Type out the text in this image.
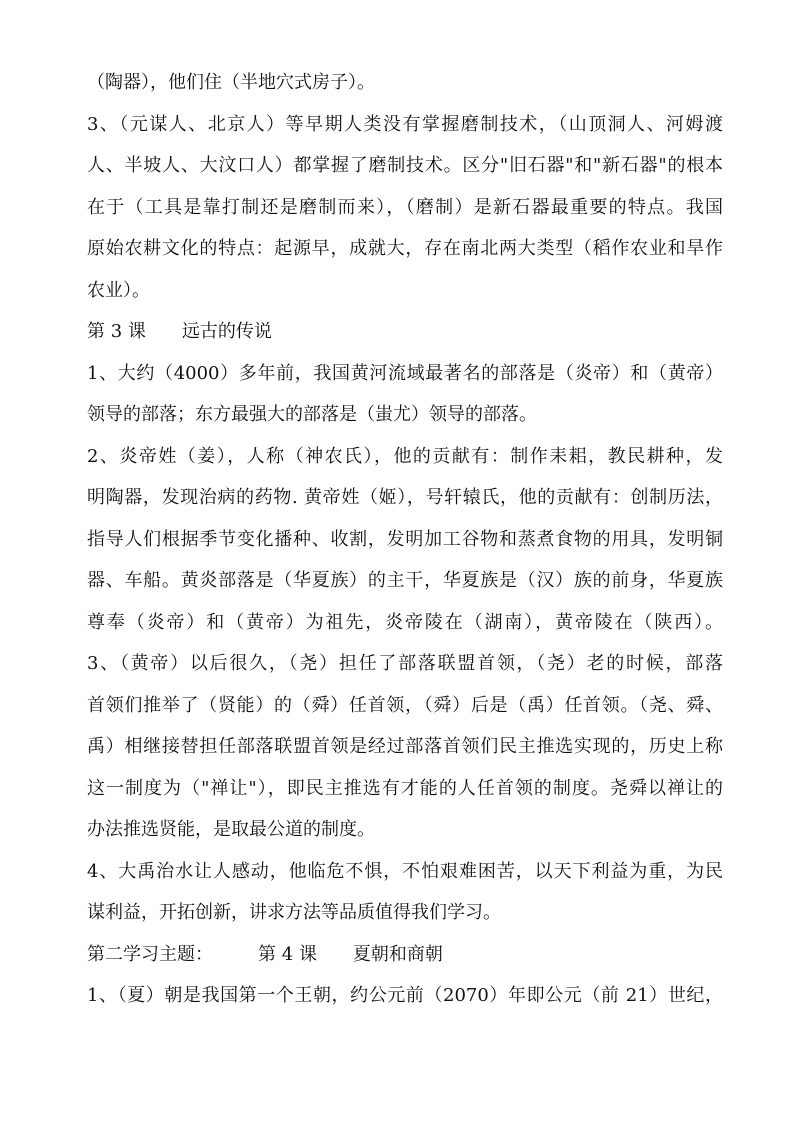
（陶器），他们住（半地穴式房子）。
3、（元谋人、北京人）等早期人类没有掌握磨制技术，（山顶洞人、河姆渡
人、半坡人、大汶口人）都掌握了磨制技术。区分"旧石器"和"新石器"的根本
在于（工具是靠打制还是磨制而来），（磨制）是新石器最重要的特点。我国
原始农耕文化的特点：起源早，成就大，存在南北两大类型（稻作农业和旱作
农业）。
第 3 课　　远古的传说
1、大约（4000）多年前，我国黄河流域最著名的部落是（炎帝）和（黄帝）
领导的部落；东方最强大的部落是（蚩尤）领导的部落。
2、炎帝姓（姜），人称（神农氏），他的贡献有：制作耒耜，教民耕种，发
明陶器，发现治病的药物. 黄帝姓（姬），号轩辕氏，他的贡献有：创制历法，
指导人们根据季节变化播种、收割，发明加工谷物和蒸煮食物的用具，发明铜
器、车船。黄炎部落是（华夏族）的主干，华夏族是（汉）族的前身，华夏族
尊奉（炎帝）和（黄帝）为祖先，炎帝陵在（湖南），黄帝陵在（陕西）。
3、（黄帝）以后很久，（尧）担任了部落联盟首领，（尧）老的时候，部落
首领们推举了（贤能）的（舜）任首领，（舜）后是（禹）任首领。（尧、舜、
禹）相继接替担任部落联盟首领是经过部落首领们民主推选实现的，历史上称
这一制度为（"禅让"），即民主推选有才能的人任首领的制度。尧舜以禅让的
办法推选贤能，是取最公道的制度。
4、大禹治水让人感动，他临危不惧，不怕艰难困苦，以天下利益为重，为民
谋利益，开拓创新，讲求方法等品质值得我们学习。
第二学习主题：　　　第 4 课　　夏朝和商朝
1、（夏）朝是我国第一个王朝，约公元前（2070）年即公元（前 21）世纪，
